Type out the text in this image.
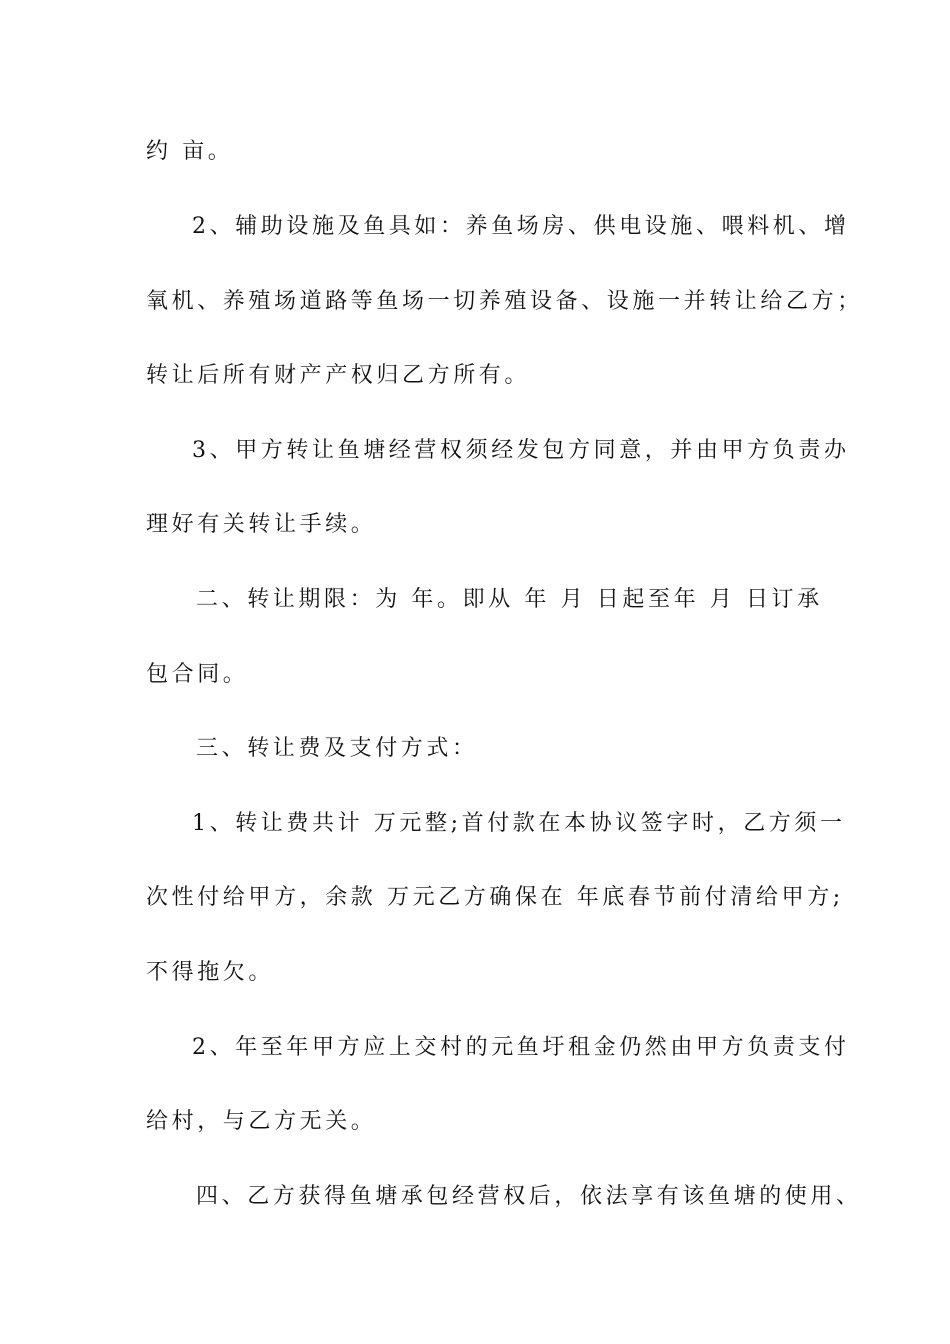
约 亩。
2、辅助设施及鱼具如：养鱼场房、供电设施、喂料机、增
氧机、养殖场道路等鱼场一切养殖设备、设施一并转让给乙方；
转让后所有财产产权归乙方所有。
3、甲方转让鱼塘经营权须经发包方同意，并由甲方负责办
理好有关转让手续。
二、转让期限：为 年。即从 年 月 日起至年 月 日订承
包合同。
三、转让费及支付方式：
1、转让费共计 万元整;首付款在本协议签字时，乙方须一
次性付给甲方，余款 万元乙方确保在 年底春节前付清给甲方;
不得拖欠。
2、年至年甲方应上交村的元鱼圩租金仍然由甲方负责支付
给村，与乙方无关。
四、乙方获得鱼塘承包经营权后，依法享有该鱼塘的使用、
